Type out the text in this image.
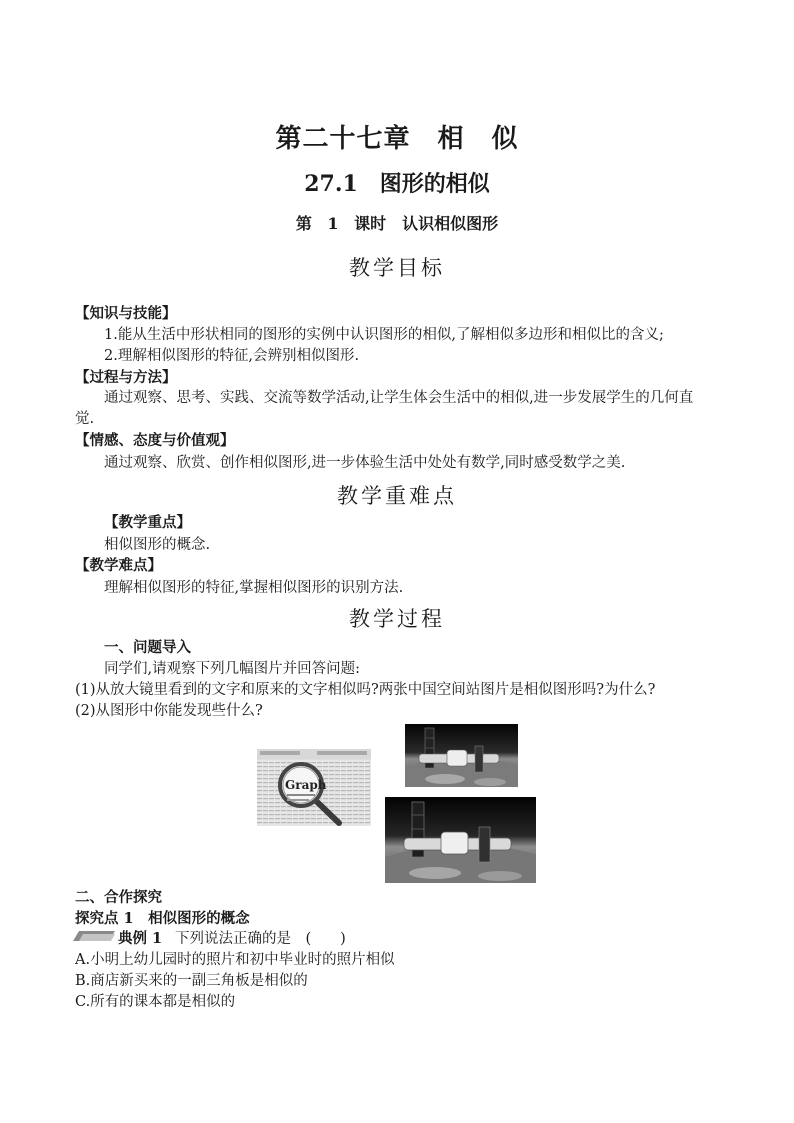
第二十七章　相　似
27.1　图形的相似
第 1 课时　认识相似图形
教学目标
【知识与技能】
1.能从生活中形状相同的图形的实例中认识图形的相似,了解相似多边形和相似比的含义;
2.理解相似图形的特征,会辨别相似图形.
【过程与方法】
通过观察、思考、实践、交流等数学活动,让学生体会生活中的相似,进一步发展学生的几何直觉.
【情感、态度与价值观】
通过观察、欣赏、创作相似图形,进一步体验生活中处处有数学,同时感受数学之美.
教学重难点
【教学重点】
相似图形的概念.
【教学难点】
理解相似图形的特征,掌握相似图形的识别方法.
教学过程
一、问题导入
同学们,请观察下列几幅图片并回答问题:
(1)从放大镜里看到的文字和原来的文字相似吗?两张中国空间站图片是相似图形吗?为什么?
(2)从图形中你能发现些什么?
Graph
二、合作探究
探究点 1　相似图形的概念
典例 1 下列说法正确的是　(　　)
A.小明上幼儿园时的照片和初中毕业时的照片相似
B.商店新买来的一副三角板是相似的
C.所有的课本都是相似的
